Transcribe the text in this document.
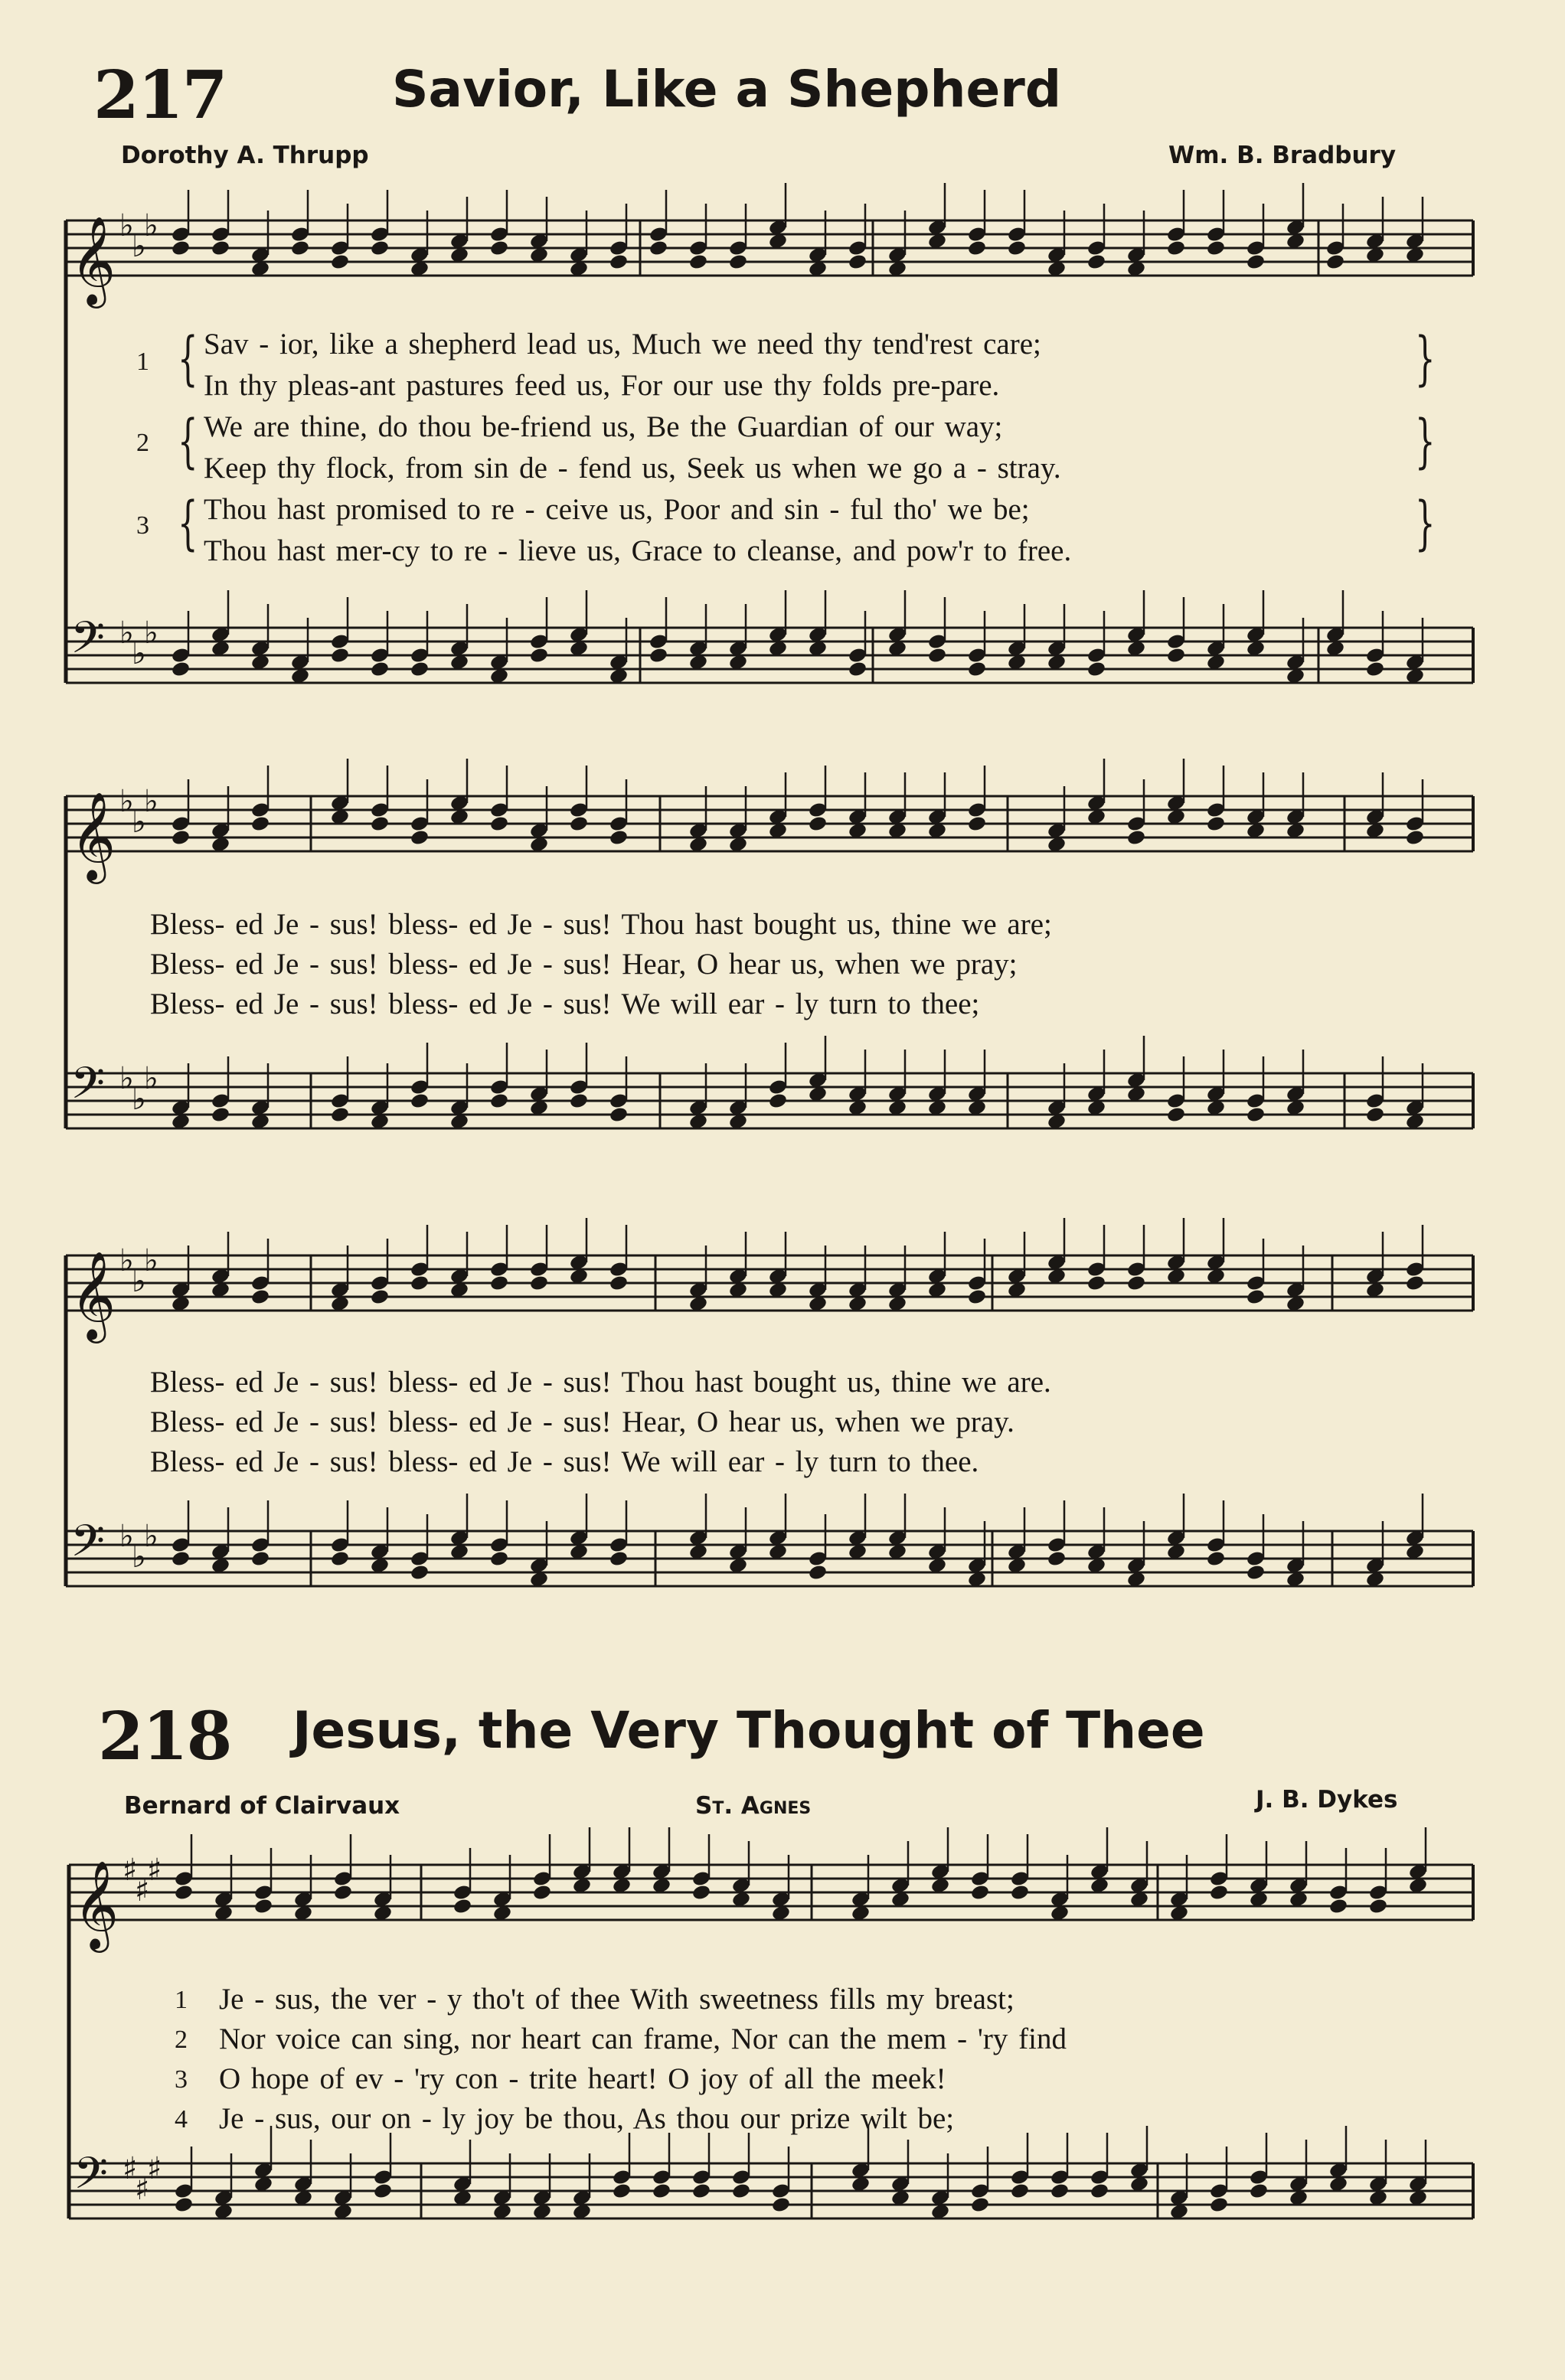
217	Savior, Like a Shepherd
Dorothy A. Thrupp	Wm. B. Bradbury
𝄞 ♭
♭
♭
𝄢 ♭
♭
♭
𝄞 ♭
♭
♭
𝄢 ♭
♭
♭
𝄞 ♭
♭
♭
𝄢 ♭
♭
♭
𝄞 ♯
♯
♯
𝄢 ♯
♯
♯
1
2
3
{
{
{
}
}
}
Sav - ior, like a shepherd lead us, Much we need thy tend'rest care;
In thy pleas-ant pastures feed us, For our use thy folds pre-pare.
We are thine, do thou be-friend us, Be the Guardian of our way;
Keep thy flock, from sin de - fend us, Seek us when we go a - stray.
Thou hast promised to re - ceive us, Poor and sin - ful tho' we be;
Thou hast mer-cy to re - lieve us, Grace to cleanse, and pow'r to free.
Bless- ed Je - sus! bless- ed Je - sus! Thou hast bought us, thine we are;
Bless- ed Je - sus! bless- ed Je - sus! Hear, O hear us, when we pray;
Bless- ed Je - sus! bless- ed Je - sus! We will ear - ly turn to thee;
Bless- ed Je - sus! bless- ed Je - sus! Thou hast bought us, thine we are.
Bless- ed Je - sus! bless- ed Je - sus! Hear, O hear us, when we pray.
Bless- ed Je - sus! bless- ed Je - sus! We will ear - ly turn to thee.
218 Jesus, the Very Thought of Thee
Bernard of Clairvaux	St. Agnes	J. B. Dykes
1
2
3
4
Je - sus, the ver - y tho't of thee With sweetness fills my breast;
Nor voice can sing, nor heart can frame, Nor can the mem - 'ry find
O hope of ev - 'ry con - trite heart! O joy of all the meek!
Je - sus, our on - ly joy be thou, As thou our prize wilt be;
